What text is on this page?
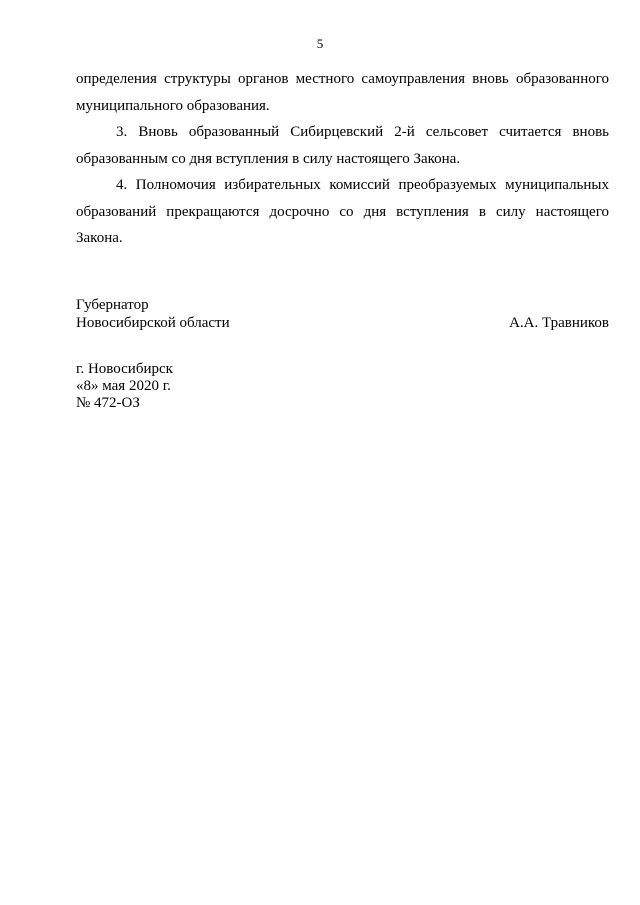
5

определения структуры органов местного самоуправления вновь образованного муниципального образования.

3. Вновь образованный Сибирцевский 2-й сельсовет считается вновь образованным со дня вступления в силу настоящего Закона.

4. Полномочия избирательных комиссий преобразуемых муниципальных образований прекращаются досрочно со дня вступления в силу настоящего Закона.

Губернатор
Новосибирской области	А.А. Травников
г. Новосибирск
«8» мая 2020 г.
№ 472-ОЗ
